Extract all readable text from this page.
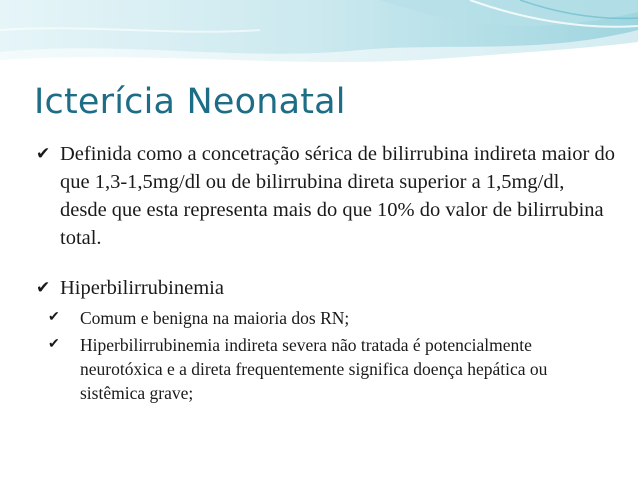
Icterícia Neonatal
✔ Definida como a concetração sérica de bilirrubina indireta maior do que 1,3-1,5mg/dl ou de bilirrubina direta superior a 1,5mg/dl, desde que esta representa mais do que 10% do valor de bilirrubina total.
✔ Hiperbilirrubinemia
✔ Comum e benigna na maioria dos RN;
✔ Hiperbilirrubinemia indireta severa não tratada é potencialmente neurotóxica e a direta frequentemente significa doença hepática ou sistêmica grave;
